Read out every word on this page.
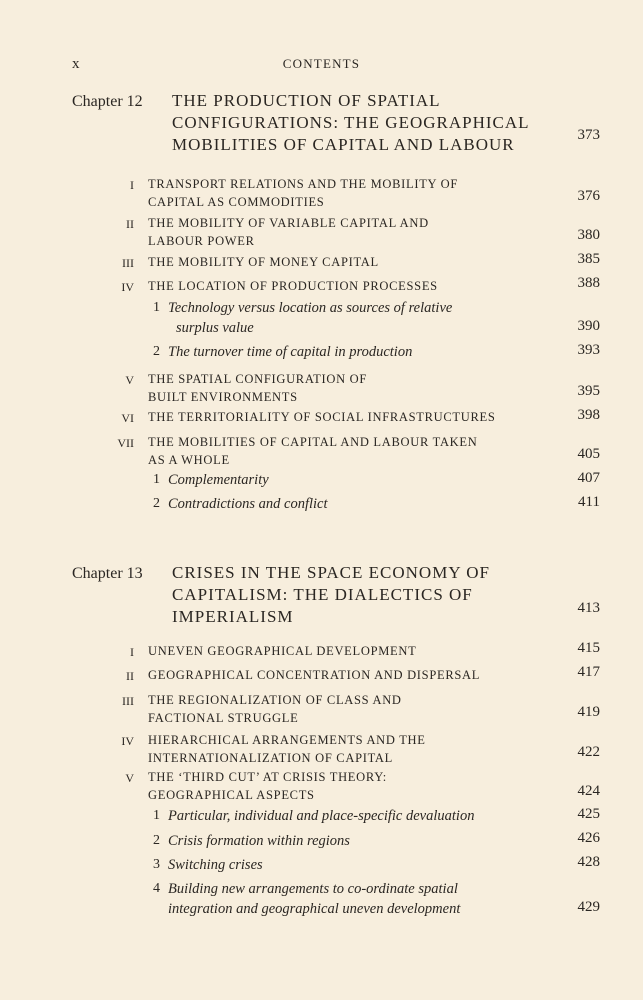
x	CONTENTS
Chapter 12 THE PRODUCTION OF SPATIAL
CONFIGURATIONS: THE GEOGRAPHICAL
MOBILITIES OF CAPITAL AND LABOUR	373
I TRANSPORT RELATIONS AND THE MOBILITY OF
CAPITAL AS COMMODITIES	376
II THE MOBILITY OF VARIABLE CAPITAL AND
LABOUR POWER	380
III THE MOBILITY OF MONEY CAPITAL	385
IV THE LOCATION OF PRODUCTION PROCESSES	388
1 Technology versus location as sources of relative
surplus value	390
2 The turnover time of capital in production	393
V THE SPATIAL CONFIGURATION OF
BUILT ENVIRONMENTS	395
VI THE TERRITORIALITY OF SOCIAL INFRASTRUCTURES	398
VII THE MOBILITIES OF CAPITAL AND LABOUR TAKEN
AS A WHOLE	405
1 Complementarity	407
2 Contradictions and conflict	411
Chapter 13 CRISES IN THE SPACE ECONOMY OF
CAPITALISM: THE DIALECTICS OF
IMPERIALISM	413
I UNEVEN GEOGRAPHICAL DEVELOPMENT	415
II GEOGRAPHICAL CONCENTRATION AND DISPERSAL	417
III THE REGIONALIZATION OF CLASS AND
FACTIONAL STRUGGLE	419
IV HIERARCHICAL ARRANGEMENTS AND THE
INTERNATIONALIZATION OF CAPITAL	422
V THE ‘THIRD CUT’ AT CRISIS THEORY:
GEOGRAPHICAL ASPECTS	424
1 Particular, individual and place-specific devaluation	425
2 Crisis formation within regions	426
3 Switching crises	428
4 Building new arrangements to co-ordinate spatial
integration and geographical uneven development	429
